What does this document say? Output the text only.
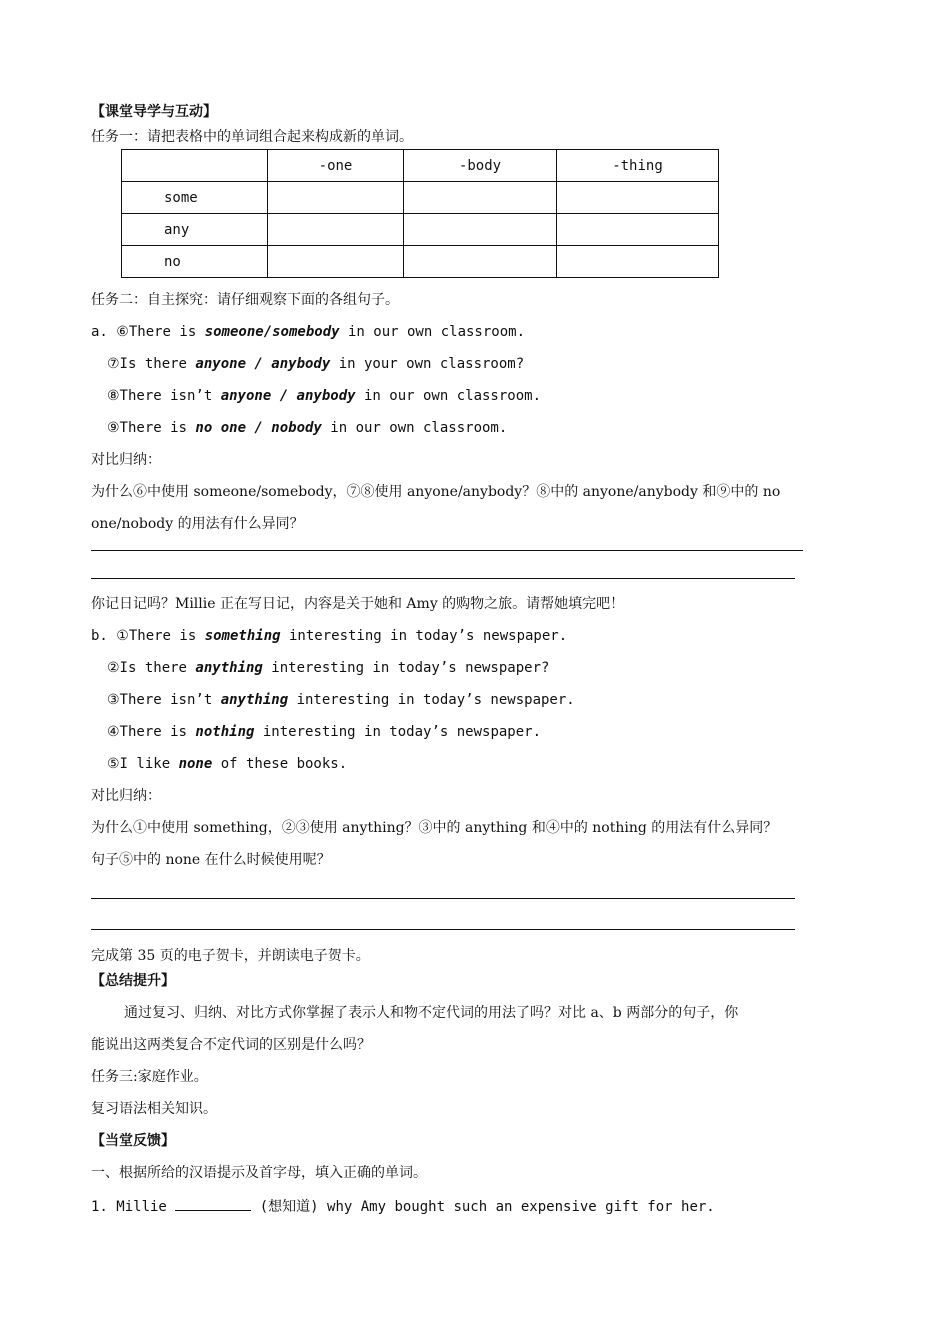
【课堂导学与互动】
任务一：请把表格中的单词组合起来构成新的单词。
	-one	-body	-thing
some			
any			
no			
任务二：自主探究：请仔细观察下面的各组句子。
a. ⑥There is someone/somebody in our own classroom.
⑦Is there anyone / anybody in your own classroom?
⑧There isn’t anyone / anybody in our own classroom.
⑨There is no one / nobody in our own classroom.
对比归纳：
为什么⑥中使用 someone/somebody，⑦⑧使用 anyone/anybody？⑧中的 anyone/anybody 和⑨中的 no
one/nobody 的用法有什么异同？
你记日记吗？Millie 正在写日记，内容是关于她和 Amy 的购物之旅。请帮她填完吧！
b. ①There is something interesting in today’s newspaper.
②Is there anything interesting in today’s newspaper?
③There isn’t anything interesting in today’s newspaper.
④There is nothing interesting in today’s newspaper.
⑤I like none of these books.
对比归纳：
为什么①中使用 something，②③使用 anything？③中的 anything 和④中的 nothing 的用法有什么异同？
句子⑤中的 none 在什么时候使用呢？
完成第 35 页的电子贺卡，并朗读电子贺卡。
【总结提升】
通过复习、归纳、对比方式你掌握了表示人和物不定代词的用法了吗？对比 a、b 两部分的句子，你
能说出这两类复合不定代词的区别是什么吗？
任务三:家庭作业。
复习语法相关知识。
【当堂反馈】
一、根据所给的汉语提示及首字母，填入正确的单词。
1. Millie	(想知道) why Amy bought such an expensive gift for her.
